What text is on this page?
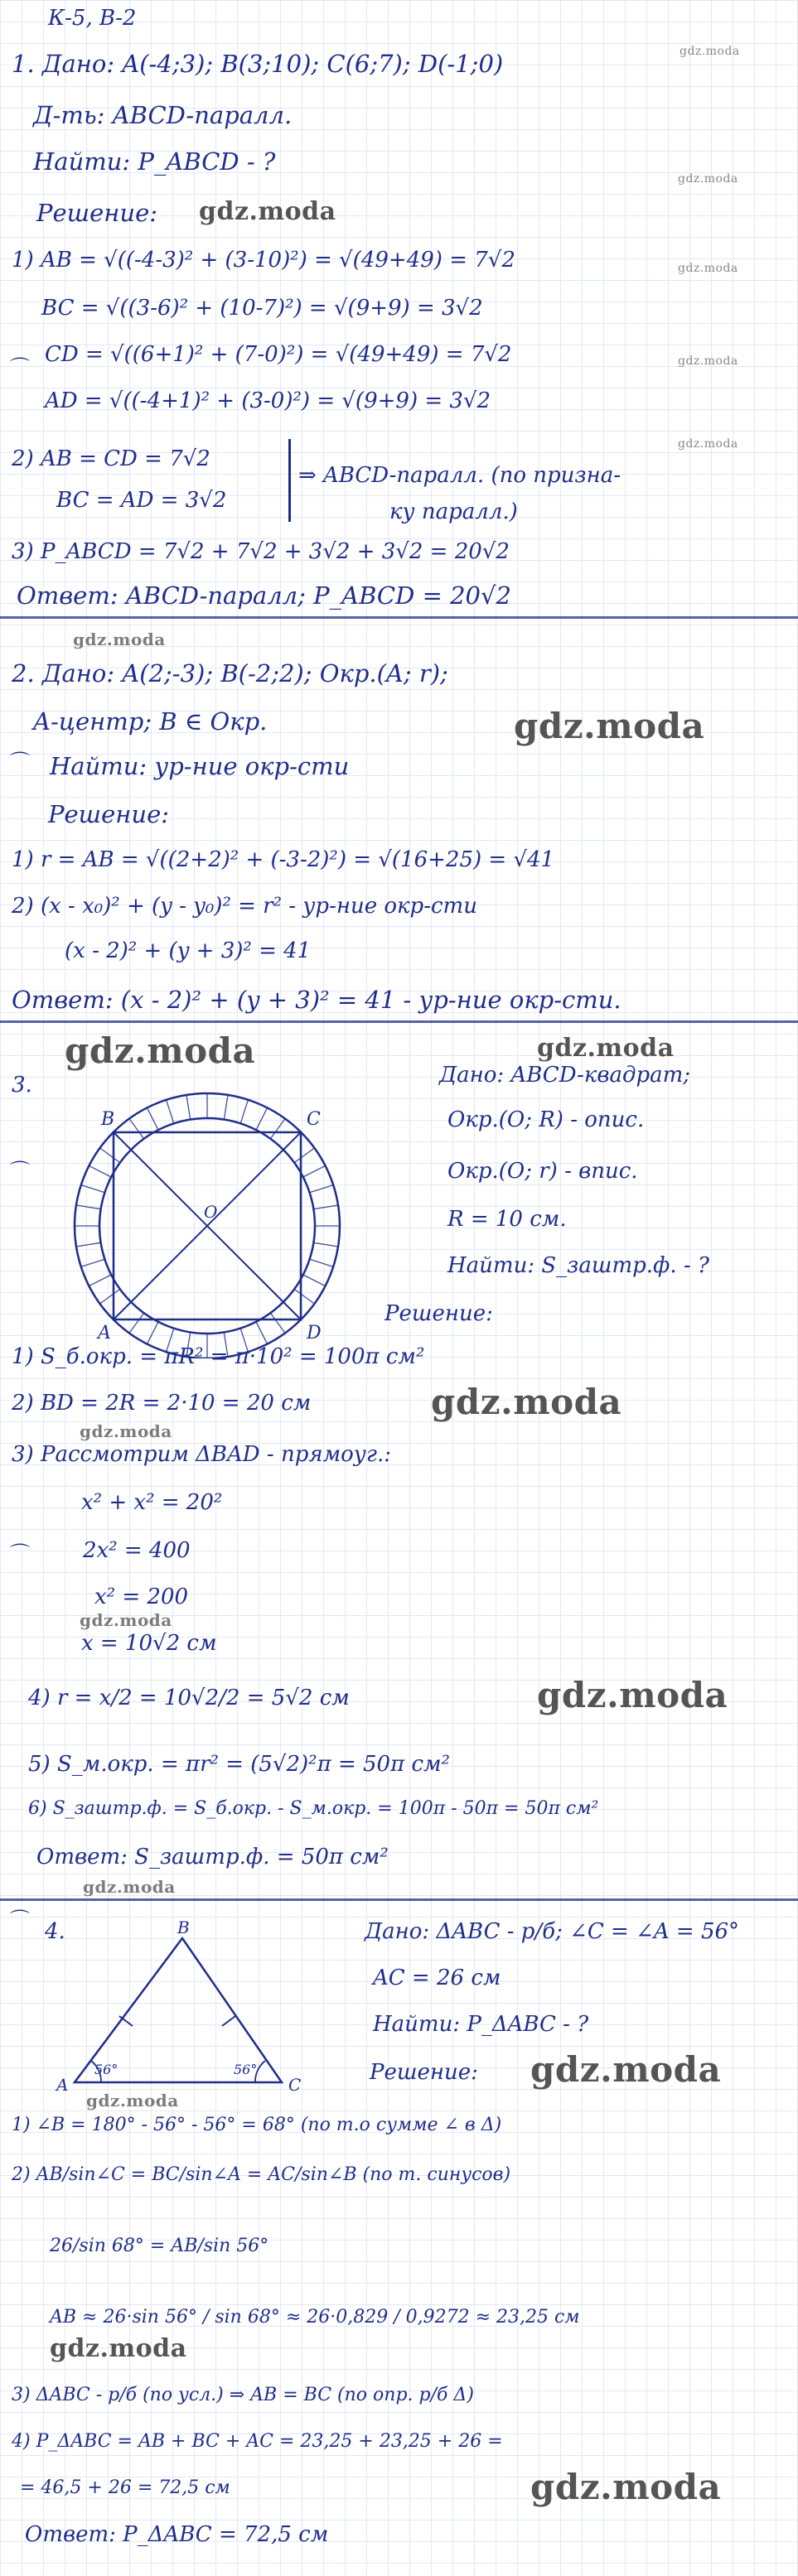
К-5, В-2
1. Дано: A(-4;3); B(3;10); C(6;7); D(-1;0)	gdz.moda
Д-ть: ABCD-паралл.
Найти: P_ABCD - ?
gdz.moda
Решение: gdz.moda
1) AB = √((-4-3)² + (3-10)²) = √(49+49) = 7√2	gdz.moda
BC = √((3-6)² + (10-7)²) = √(9+9) = 3√2
⌒
CD = √((6+1)² + (7-0)²) = √(49+49) = 7√2	gdz.moda
AD = √((-4+1)² + (3-0)²) = √(9+9) = 3√2
gdz.moda
2) AB = CD = 7√2
BC = AD = 3√2
⇒ ABCD-паралл. (по призна-
ку паралл.)
3) P_ABCD = 7√2 + 7√2 + 3√2 + 3√2 = 20√2
Ответ: ABCD-паралл; P_ABCD = 20√2
gdz.moda
2. Дано: A(2;-3); B(-2;2); Окр.(A; r);
A-центр; B ∈ Окр.	gdz.moda
⌒ Найти: ур-ние окр-сти
Решение:
1) r = AB = √((2+2)² + (-3-2)²) = √(16+25) = √41
2) (x - x₀)² + (y - y₀)² = r² - ур-ние окр-сти
(x - 2)² + (y + 3)² = 41
Ответ: (x - 2)² + (y + 3)² = 41 - ур-ние окр-сти.
gdz.moda	gdz.moda
3.
B	C
A	D
O
Дано: ABCD-квадрат;
Окр.(O; R) - опис.
⌒	Окр.(O; r) - впис.
R = 10 см.
Найти: S_заштр.ф. - ?
Решение:
1) S_б.окр. = πR² = π·10² = 100π см²
2) BD = 2R = 2·10 = 20 см	gdz.moda
gdz.moda
3) Рассмотрим ΔBAD - прямоуг.:
x² + x² = 20²
⌒ 2x² = 400
x² = 200
gdz.moda
x = 10√2 см
4) r = x/2 = 10√2/2 = 5√2 см	gdz.moda
5) S_м.окр. = πr² = (5√2)²π = 50π см²
6) S_заштр.ф. = S_б.окр. - S_м.окр. = 100π - 50π = 50π см²
Ответ: S_заштр.ф. = 50π см²
gdz.moda
⌒ 4.	B
A	C
56°	56°
Дано: ΔABC - р/б; ∠C = ∠A = 56°
AC = 26 см
Найти: P_ΔABC - ?
Решение: gdz.moda
gdz.moda
1) ∠B = 180° - 56° - 56° = 68° (по т.о сумме ∠ в Δ)
2) AB/sin∠C = BC/sin∠A = AC/sin∠B (по т. синусов)
26/sin 68° = AB/sin 56°
AB ≈ 26·sin 56° / sin 68° ≈ 26·0,829 / 0,9272 ≈ 23,25 см
gdz.moda
3) ΔABC - р/б (по усл.) ⇒ AB = BC (по опр. р/б Δ)
4) P_ΔABC = AB + BC + AC = 23,25 + 23,25 + 26 =
= 46,5 + 26 = 72,5 см	gdz.moda
Ответ: P_ΔABC = 72,5 см
